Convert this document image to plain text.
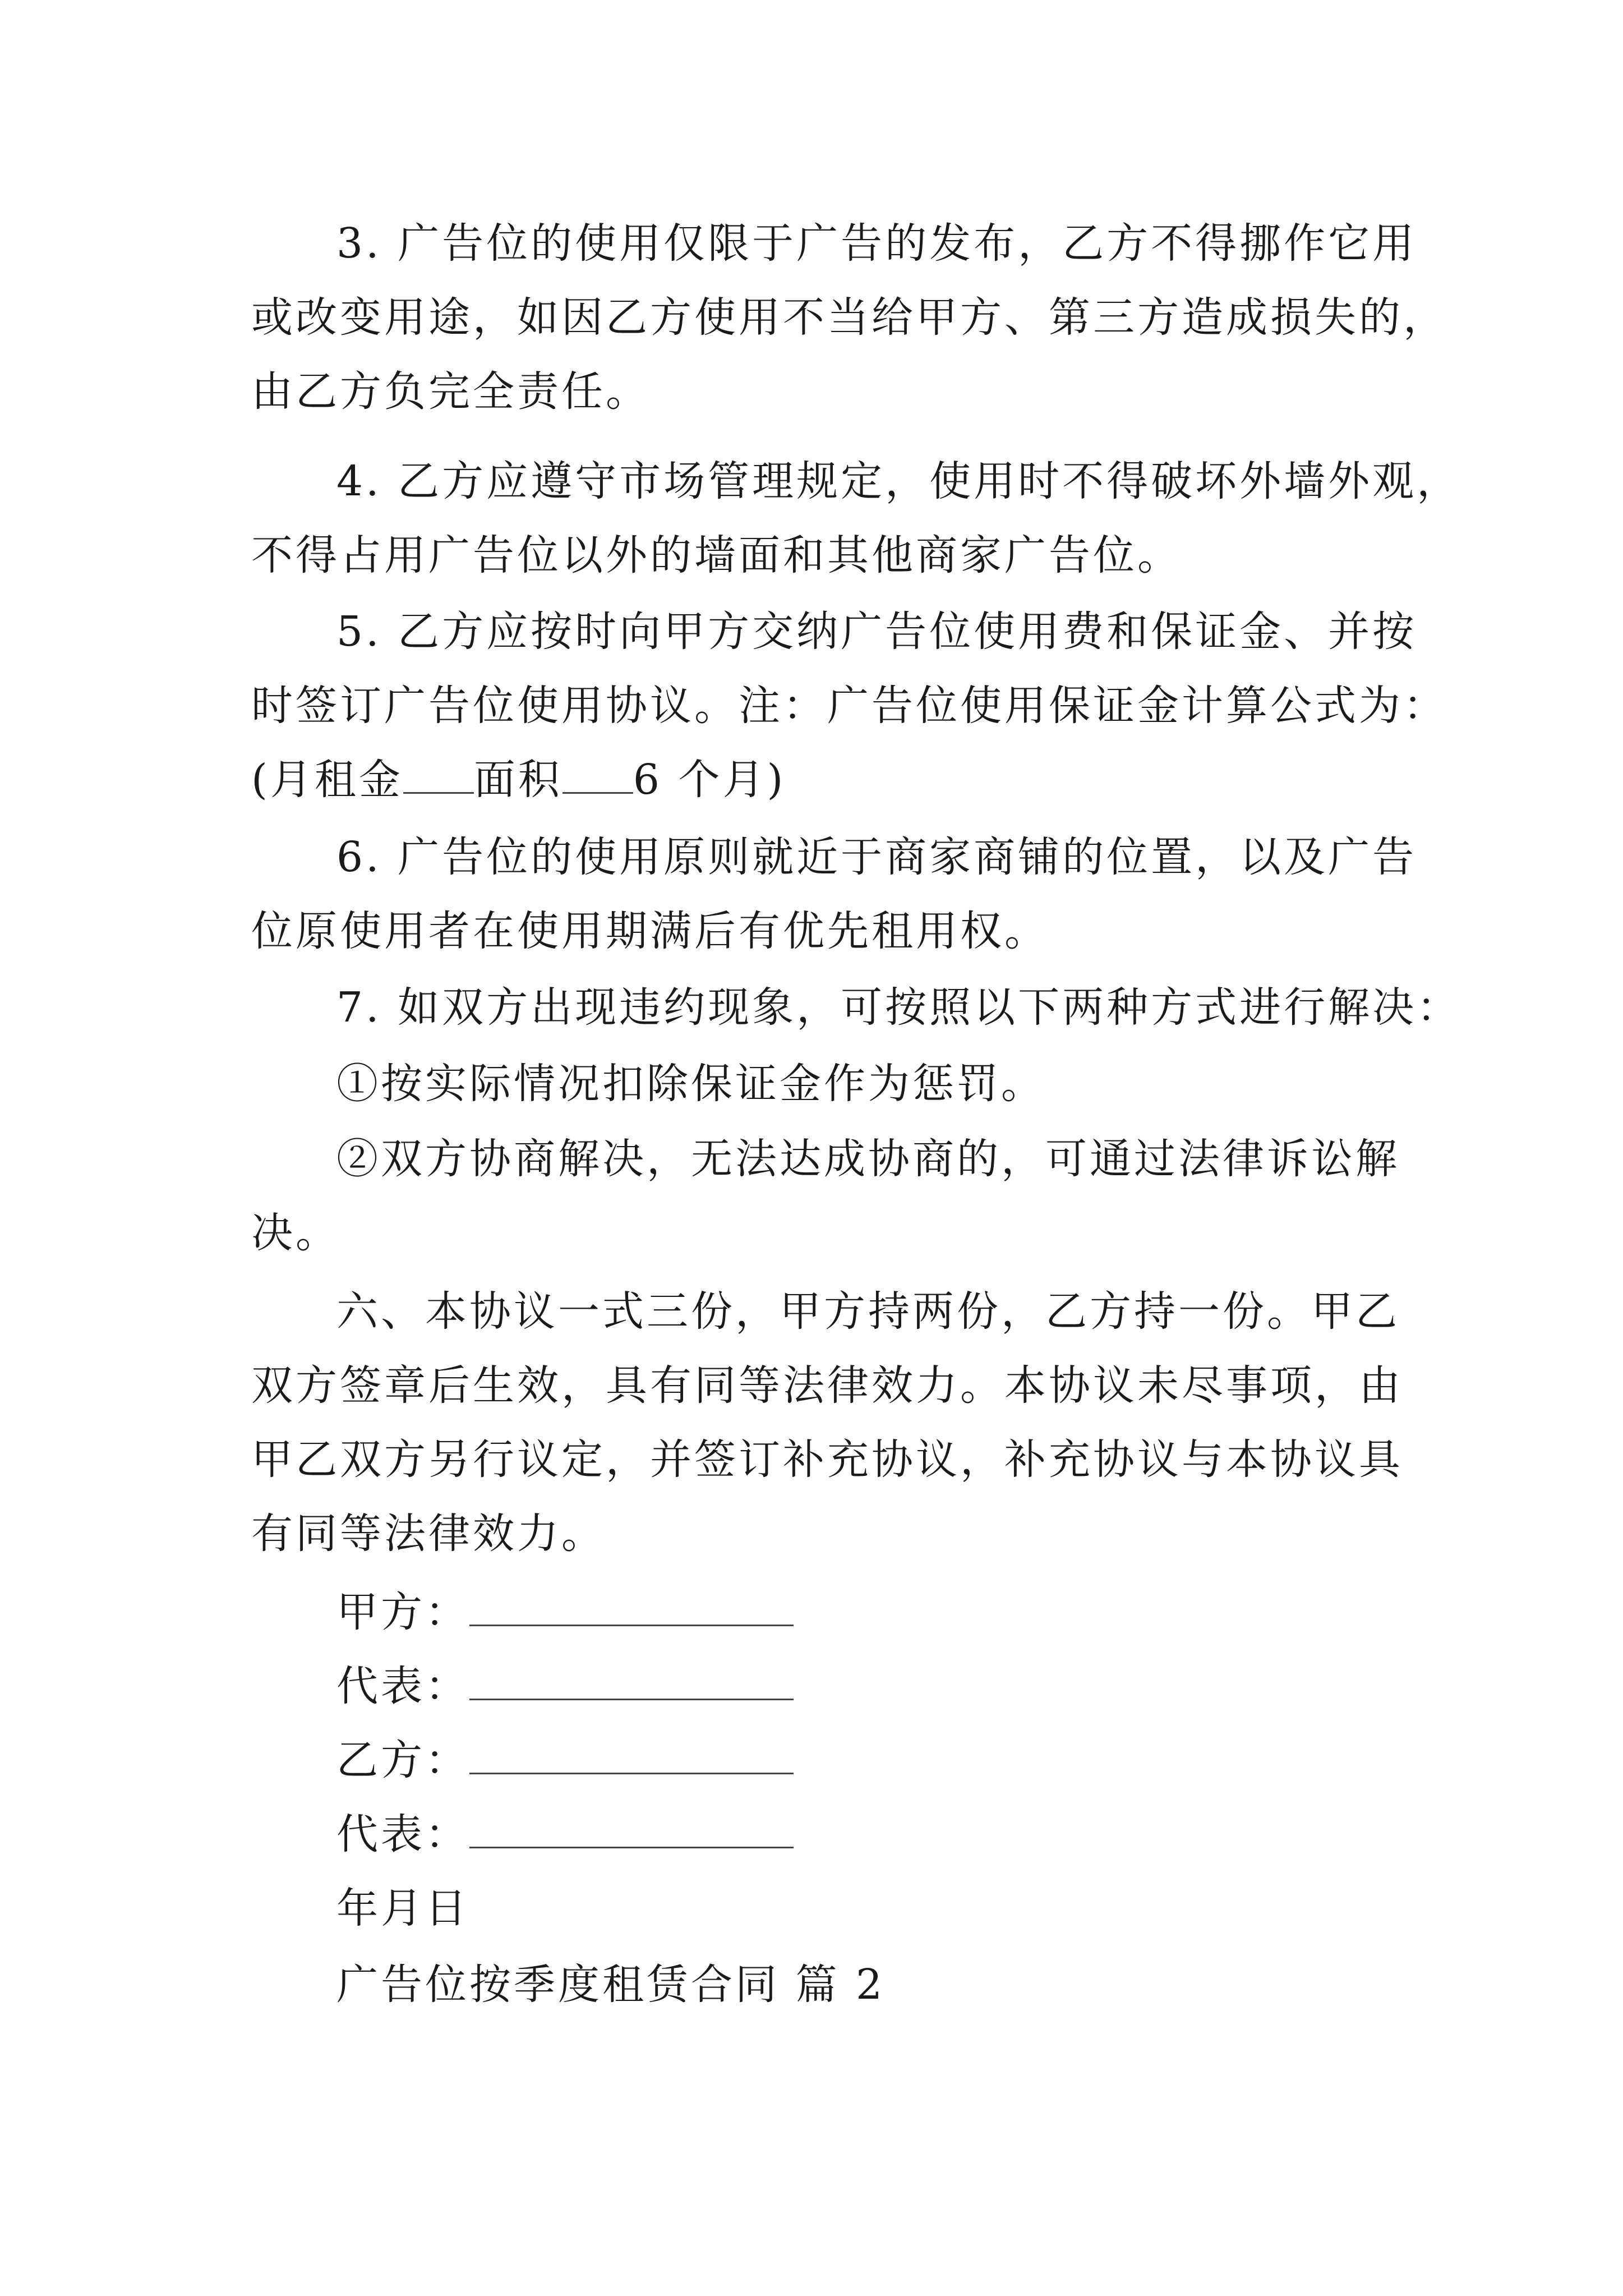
3. 广告位的使用仅限于广告的发布，乙方不得挪作它用
或改变用途，如因乙方使用不当给甲方、第三方造成损失的，
由乙方负完全责任。
4. 乙方应遵守市场管理规定，使用时不得破坏外墙外观，
不得占用广告位以外的墙面和其他商家广告位。
5. 乙方应按时向甲方交纳广告位使用费和保证金、并按
时签订广告位使用协议。注：广告位使用保证金计算公式为：
(月租金 面积 6 个月)
6. 广告位的使用原则就近于商家商铺的位置，以及广告
位原使用者在使用期满后有优先租用权。
7. 如双方出现违约现象，可按照以下两种方式进行解决：
①按实际情况扣除保证金作为惩罚。
②双方协商解决，无法达成协商的，可通过法律诉讼解
决。
六、本协议一式三份，甲方持两份，乙方持一份。甲乙
双方签章后生效，具有同等法律效力。本协议未尽事项，由
甲乙双方另行议定，并签订补充协议，补充协议与本协议具
有同等法律效力。
甲方：
代表：
乙方：
代表：
年月日
广告位按季度租赁合同 篇 2
